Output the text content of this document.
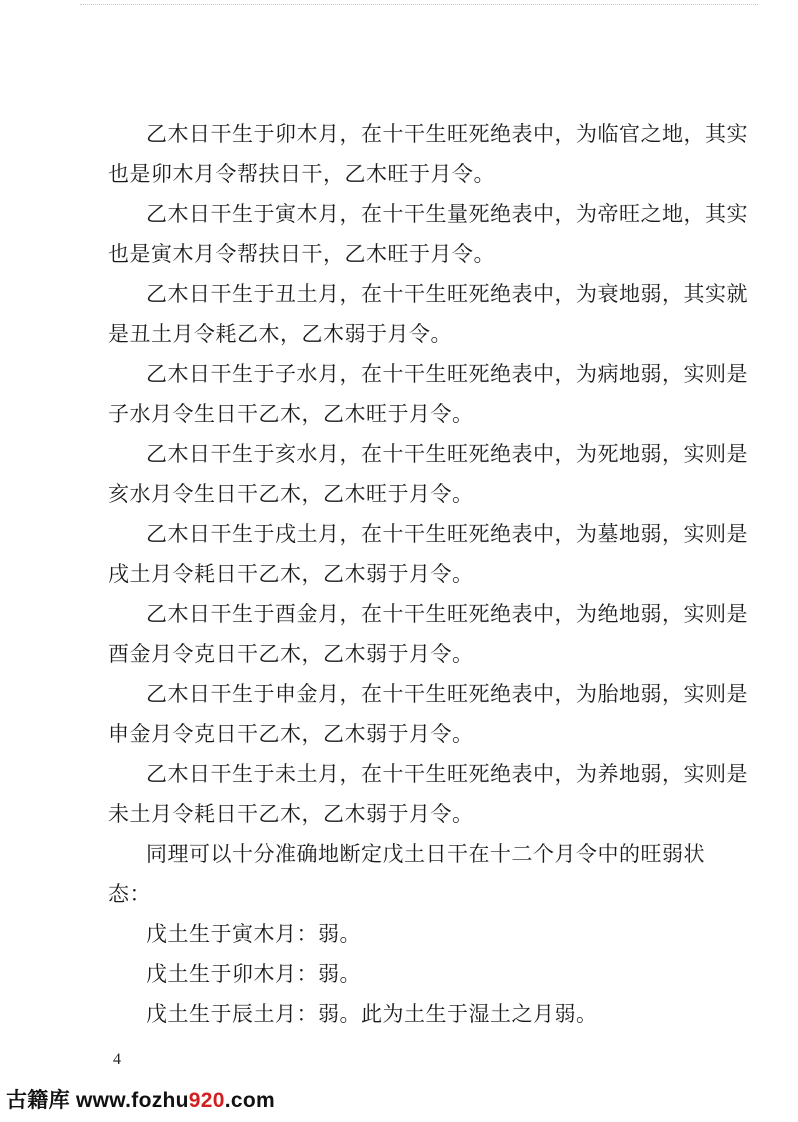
乙木日干生于卯木月，在十干生旺死绝表中，为临官之地，其实
也是卯木月令帮扶日干，乙木旺于月令。
乙木日干生于寅木月，在十干生量死绝表中，为帝旺之地，其实
也是寅木月令帮扶日干，乙木旺于月令。
乙木日干生于丑土月，在十干生旺死绝表中，为衰地弱，其实就
是丑土月令耗乙木，乙木弱于月令。
乙木日干生于子水月，在十干生旺死绝表中，为病地弱，实则是
子水月令生日干乙木，乙木旺于月令。
乙木日干生于亥水月，在十干生旺死绝表中，为死地弱，实则是
亥水月令生日干乙木，乙木旺于月令。
乙木日干生于戌土月，在十干生旺死绝表中，为墓地弱，实则是
戌土月令耗日干乙木，乙木弱于月令。
乙木日干生于酉金月，在十干生旺死绝表中，为绝地弱，实则是
酉金月令克日干乙木，乙木弱于月令。
乙木日干生于申金月，在十干生旺死绝表中，为胎地弱，实则是
申金月令克日干乙木，乙木弱于月令。
乙木日干生于未土月，在十干生旺死绝表中，为养地弱，实则是
未土月令耗日干乙木，乙木弱于月令。
同理可以十分准确地断定戊土日干在十二个月令中的旺弱状
态：
戊土生于寅木月：弱。
戊土生于卯木月：弱。
戊土生于辰土月：弱。此为土生于湿土之月弱。
4
古籍库 www.fozhu920.com
